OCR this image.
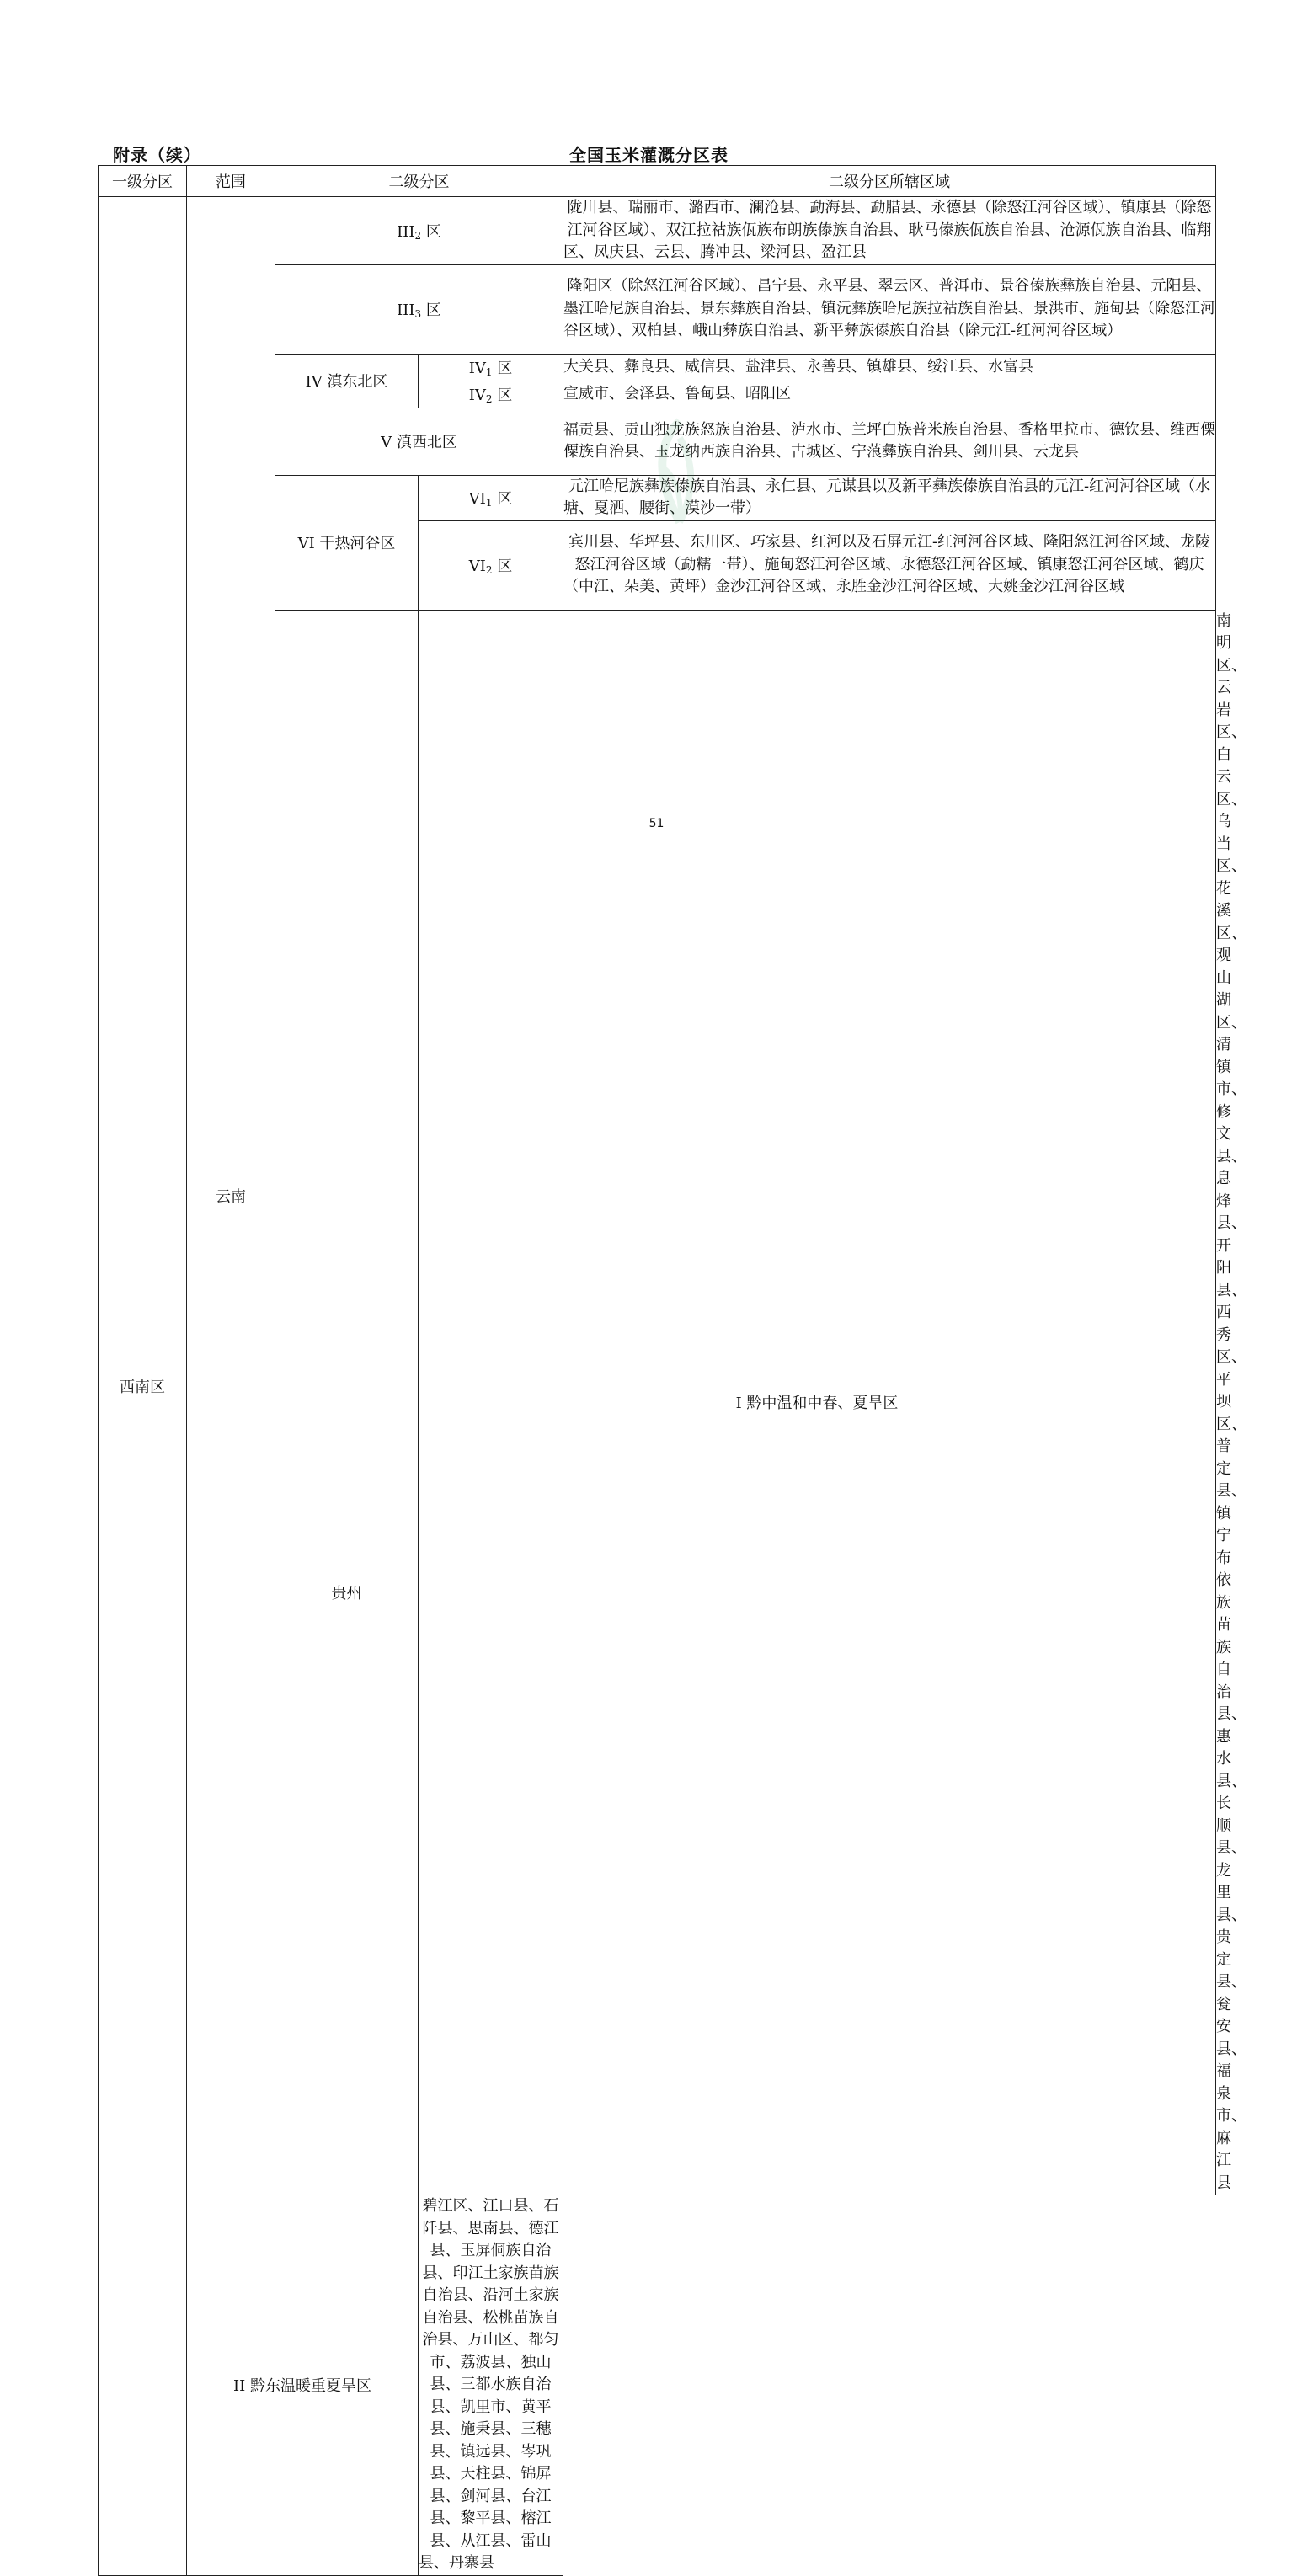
附录（续）	全国玉米灌溉分区表
一级分区	范围	二级分区		二级分区所辖区域	
西南区	云南	$III_2$ 区		陇川县、瑞丽市、潞西市、澜沧县、勐海县、勐腊县、永德县（除怒江河谷区域）、镇康县（除怒江河谷区域）、双江拉祜族佤族布朗族傣族自治县、耿马傣族佤族自治县、沧源佤族自治县、临翔区、凤庆县、云县、腾冲县、梁河县、盈江县	
		$III_3$ 区		隆阳区（除怒江河谷区域）、昌宁县、永平县、翠云区、普洱市、景谷傣族彝族自治县、元阳县、墨江哈尼族自治县、景东彝族自治县、镇沅彝族哈尼族拉祜族自治县、景洪市、施甸县（除怒江河谷区域）、双柏县、峨山彝族自治县、新平彝族傣族自治县（除元江-红河河谷区域）	
		IV 滇东北区	$IV_1$ 区	大关县、彝良县、威信县、盐津县、永善县、镇雄县、绥江县、水富县	
			$IV_2$ 区	宣威市、会泽县、鲁甸县、昭阳区	
		V 滇西北区		福贡县、贡山独龙族怒族自治县、泸水市、兰坪白族普米族自治县、香格里拉市、德钦县、维西傈僳族自治县、玉龙纳西族自治县、古城区、宁蒗彝族自治县、剑川县、云龙县	
		VI 干热河谷区	$VI_1$ 区	元江哈尼族彝族傣族自治县、永仁县、元谋县以及新平彝族傣族自治县的元江-红河河谷区域（水塘、戛洒、腰街、漠沙一带）	
			$VI_2$ 区	宾川县、华坪县、东川区、巧家县、红河以及石屏元江-红河河谷区域、隆阳怒江河谷区域、龙陵怒江河谷区域（勐糯一带）、施甸怒江河谷区域、永德怒江河谷区域、镇康怒江河谷区域、鹤庆（中江、朵美、黄坪）金沙江河谷区域、永胜金沙江河谷区域、大姚金沙江河谷区域	
		贵州	I 黔中温和中春、夏旱区		南明区、云岩区、白云区、乌当区、花溪区、观山湖区、清镇市、修文县、息烽县、开阳县、西秀区、平坝区、普定县、镇宁布依族苗族自治县、惠水县、长顺县、龙里县、贵定县、瓮安县、福泉市、麻江县
	II 黔东温暖重夏旱区		碧江区、江口县、石阡县、思南县、德江县、玉屏侗族自治县、印江土家族苗族自治县、沿河土家族自治县、松桃苗族自治县、万山区、都匀市、荔波县、独山县、三都水族自治县、凯里市、黄平县、施秉县、三穗县、镇远县、岑巩县、天柱县、锦屏县、剑河县、台江县、黎平县、榕江县、从江县、雷山县、丹寨县		
51
